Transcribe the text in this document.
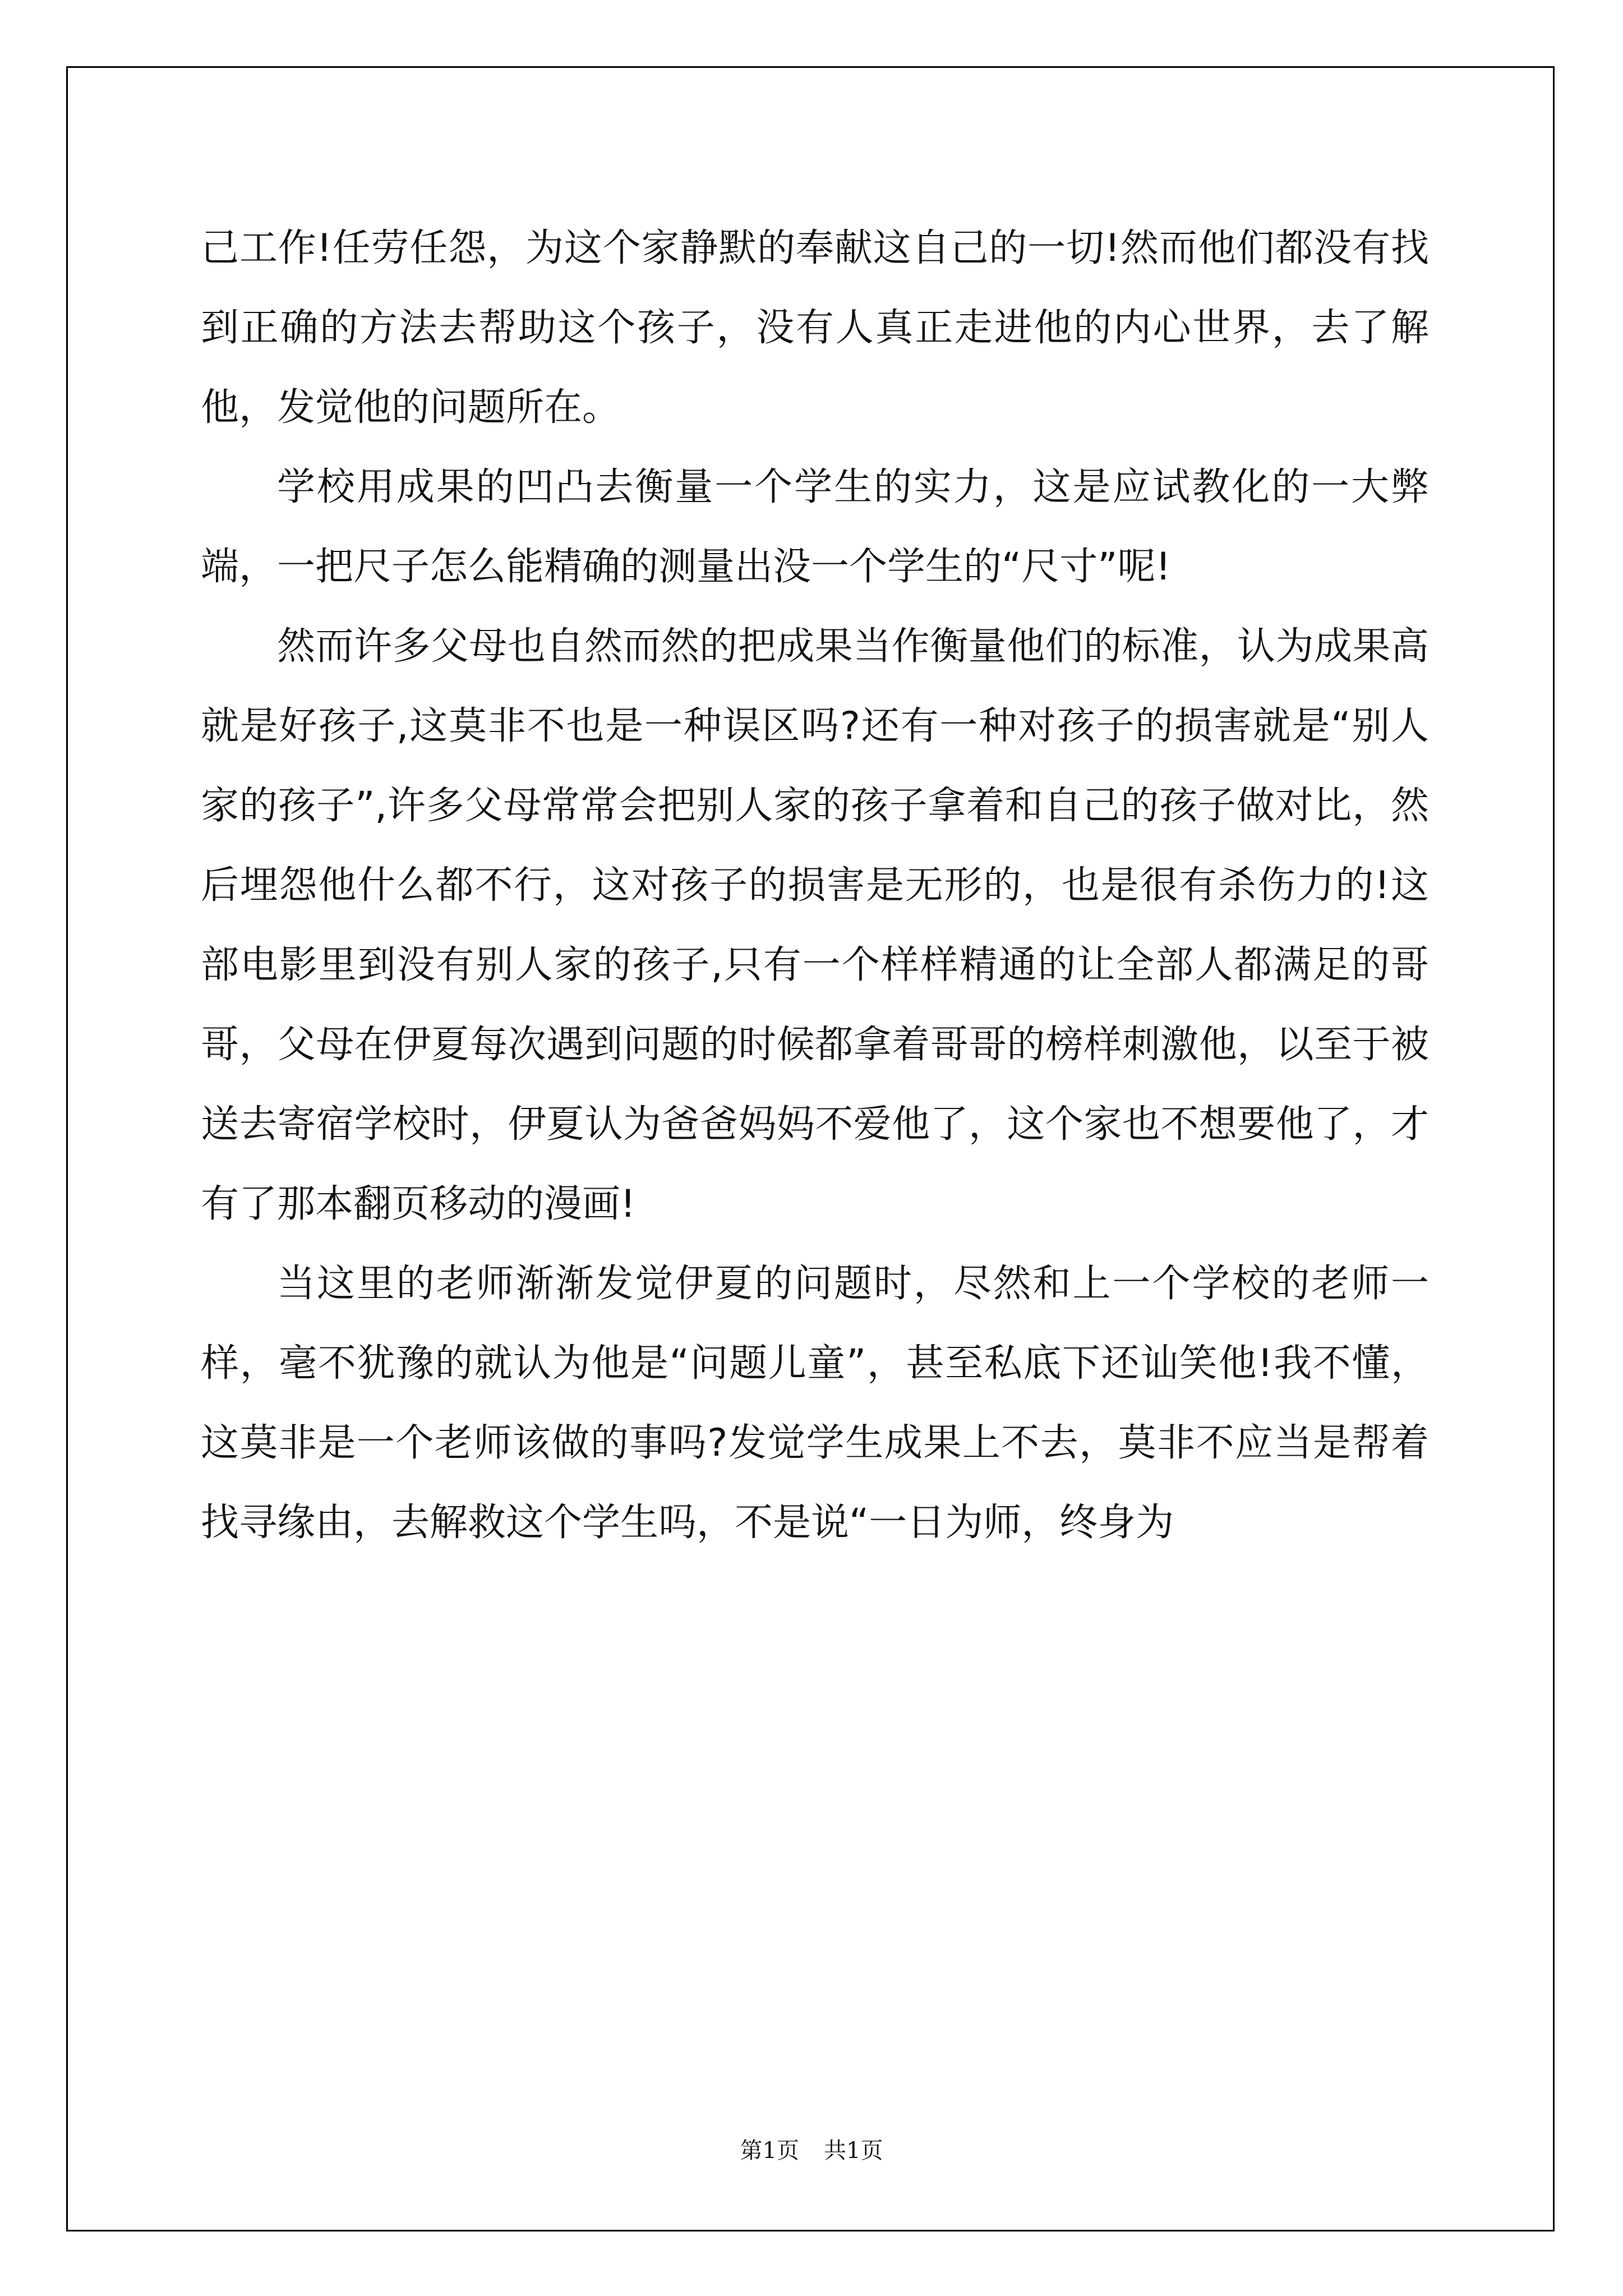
己工作!任劳任怨，为这个家静默的奉献这自己的一切!然而他们都没有找到正确的方法去帮助这个孩子，没有人真正走进他的内心世界，去了解他，发觉他的问题所在。

学校用成果的凹凸去衡量一个学生的实力，这是应试教化的一大弊端，一把尺子怎么能精确的测量出没一个学生的“尺寸”呢!

然而许多父母也自然而然的把成果当作衡量他们的标准，认为成果高就是好孩子,这莫非不也是一种误区吗?还有一种对孩子的损害就是“别人家的孩子”,许多父母常常会把别人家的孩子拿着和自己的孩子做对比，然后埋怨他什么都不行，这对孩子的损害是无形的，也是很有杀伤力的!这部电影里到没有别人家的孩子,只有一个样样精通的让全部人都满足的哥哥，父母在伊夏每次遇到问题的时候都拿着哥哥的榜样刺激他，以至于被送去寄宿学校时，伊夏认为爸爸妈妈不爱他了，这个家也不想要他了，才有了那本翻页移动的漫画!

当这里的老师渐渐发觉伊夏的问题时，尽然和上一个学校的老师一样，毫不犹豫的就认为他是“问题儿童”，甚至私底下还讪笑他!我不懂，这莫非是一个老师该做的事吗?发觉学生成果上不去，莫非不应当是帮着找寻缘由，去解救这个学生吗，不是说“一日为师，终身为

第1页 共1页
